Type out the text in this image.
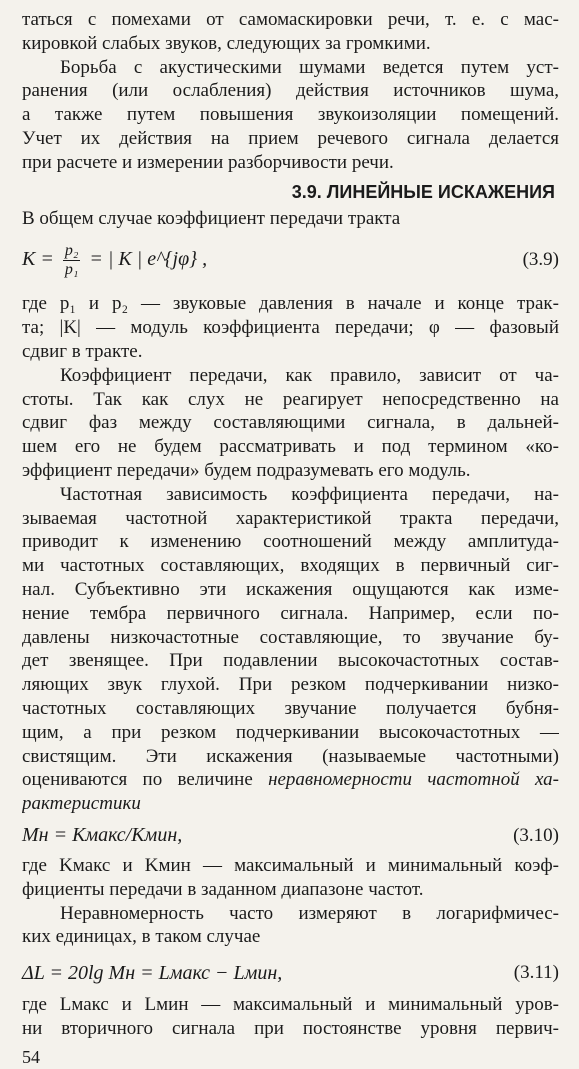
таться с помехами от самомаскировки речи, т. е. с мас-
кировкой слабых звуков, следующих за громкими.
Борьба с акустическими шумами ведется путем уст-
ранения (или ослабления) действия источников шума,
а также путем повышения звукоизоляции помещений.
Учет их действия на прием речевого сигнала делается
при расчете и измерении разборчивости речи.
3.9. ЛИНЕЙНЫЕ ИСКАЖЕНИЯ
В общем случае коэффициент передачи тракта
$K = \frac{\text{p₂}}{\text{p₁}}$ = | K | e^{jφ} ,	(3.9)
где p₁ и p₂ — звуковые давления в начале и конце трак-
та; |K| — модуль коэффициента передачи; φ — фазовый
сдвиг в тракте.
Коэффициент передачи, как правило, зависит от ча-
стоты. Так как слух не реагирует непосредственно на
сдвиг фаз между составляющими сигнала, в дальней-
шем его не будем рассматривать и под термином «ко-
эффициент передачи» будем подразумевать его модуль.
Частотная зависимость коэффициента передачи, на-
зываемая частотной характеристикой тракта передачи,
приводит к изменению соотношений между амплитуда-
ми частотных составляющих, входящих в первичный сиг-
нал. Субъективно эти искажения ощущаются как изме-
нение тембра первичного сигнала. Например, если по-
давлены низкочастотные составляющие, то звучание бу-
дет звенящее. При подавлении высокочастотных состав-
ляющих звук глухой. При резком подчеркивании низко-
частотных составляющих звучание получается бубня-
щим, а при резком подчеркивании высокочастотных —
свистящим. Эти искажения (называемые частотными)
оцениваются по величине неравномерности частотной ха-
рактеристики
Mн = Kмакс/Kмин,	(3.10)
где Kмакс и Kмин — максимальный и минимальный коэф-
фициенты передачи в заданном диапазоне частот.
Неравномерность часто измеряют в логарифмичес-
ких единицах, в таком случае
ΔL = 20lg Mн = Lмакс − Lмин,	(3.11)
где Lмакс и Lмин — максимальный и минимальный уров-
ни вторичного сигнала при постоянстве уровня первич-
54
